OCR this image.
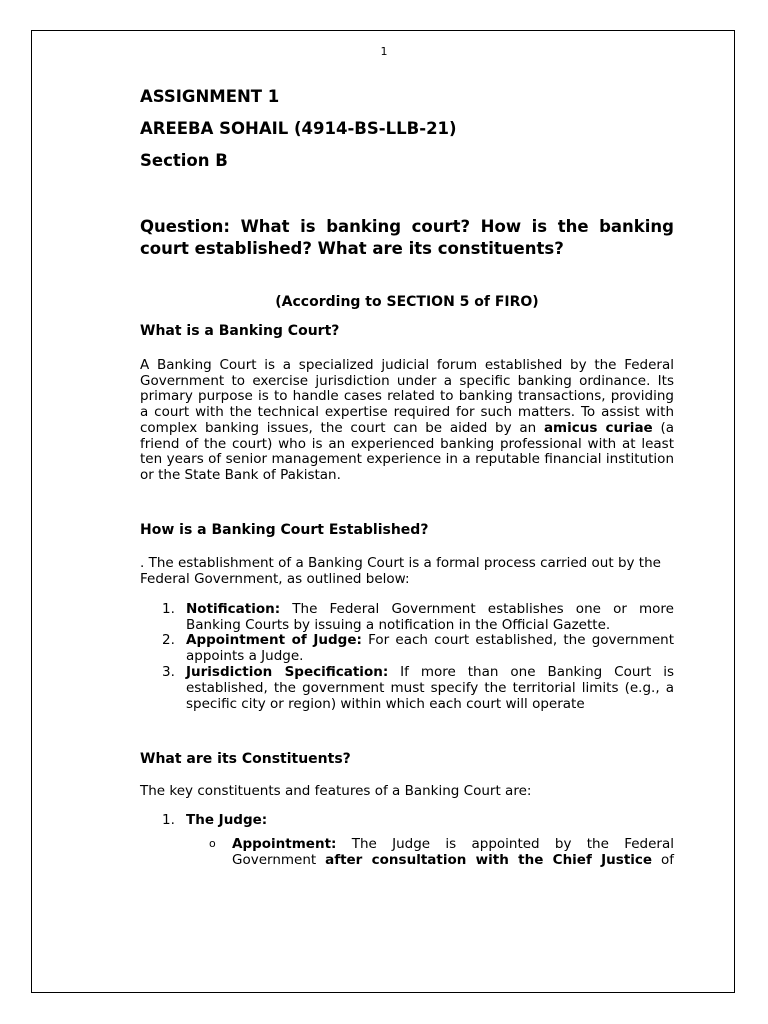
1
ASSIGNMENT 1
AREEBA SOHAIL (4914-BS-LLB-21)
Section B
Question: What is banking court? How is the banking court established? What are its constituents?
(According to SECTION 5 of FIRO)
What is a Banking Court?
A Banking Court is a specialized judicial forum established by the Federal Government to exercise jurisdiction under a specific banking ordinance. Its primary purpose is to handle cases related to banking transactions, providing a court with the technical expertise required for such matters. To assist with complex banking issues, the court can be aided by an amicus curiae (a friend of the court) who is an experienced banking professional with at least ten years of senior management experience in a reputable financial institution or the State Bank of Pakistan.
How is a Banking Court Established?
. The establishment of a Banking Court is a formal process carried out by the Federal Government, as outlined below:
1. Notification: The Federal Government establishes one or more Banking Courts by issuing a notification in the Official Gazette.
2. Appointment of Judge: For each court established, the government appoints a Judge.
3. Jurisdiction Specification: If more than one Banking Court is established, the government must specify the territorial limits (e.g., a specific city or region) within which each court will operate
What are its Constituents?
The key constituents and features of a Banking Court are:
1. The Judge:
o Appointment: The Judge is appointed by the Federal Government after consultation with the Chief Justice of
